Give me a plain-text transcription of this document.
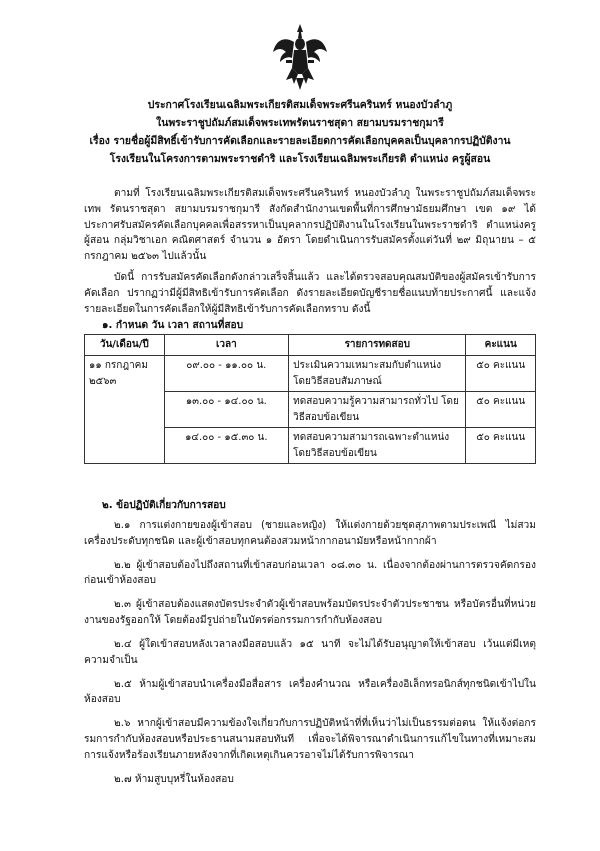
ประกาศโรงเรียนเฉลิมพระเกียรติสมเด็จพระศรีนครินทร์ หนองบัวลำภู
ในพระราชูปถัมภ์สมเด็จพระเทพรัตนราชสุดา สยามบรมราชกุมารี
เรื่อง รายชื่อผู้มีสิทธิ์เข้ารับการคัดเลือกและรายละเอียดการคัดเลือกบุคคลเป็นบุคลากรปฏิบัติงาน
โรงเรียนในโครงการตามพระราชดำริ และโรงเรียนเฉลิมพระเกียรติ ตำแหน่ง ครูผู้สอน
ตามที่ โรงเรียนเฉลิมพระเกียรติสมเด็จพระศรีนครินทร์ หนองบัวลำภู ในพระราชูปถัมภ์สมเด็จพระเทพ รัตนราชสุดา สยามบรมราชกุมารี สังกัดสำนักงานเขตพื้นที่การศึกษามัธยมศึกษา เขต ๑๙ ได้ประกาศรับสมัครคัดเลือกบุคคลเพื่อสรรหาเป็นบุคลากรปฏิบัติงานในโรงเรียนในพระราชดำริ ตำแหน่งครูผู้สอน กลุ่มวิชาเอก คณิตศาสตร์ จำนวน ๑ อัตรา โดยดำเนินการรับสมัครตั้งแต่วันที่ ๒๙ มิถุนายน – ๕ กรกฎาคม ๒๕๖๓ ไปแล้วนั้น
บัดนี้ การรับสมัครคัดเลือกดังกล่าวเสร็จสิ้นแล้ว และได้ตรวจสอบคุณสมบัติของผู้สมัครเข้ารับการคัดเลือก ปรากฏว่ามีผู้มีสิทธิเข้ารับการคัดเลือก ดังรายละเอียดบัญชีรายชื่อแนบท้ายประกาศนี้ และแจ้งรายละเอียดในการคัดเลือกให้ผู้มีสิทธิเข้ารับการคัดเลือกทราบ ดังนี้
๑. กำหนด วัน เวลา สถานที่สอบ
วัน/เดือน/ปี	เวลา	รายการทดสอบ	คะแนน
๑๑ กรกฎาคม ๒๕๖๓	๐๙.๐๐ - ๑๑.๐๐ น.	ประเมินความเหมาะสมกับตำแหน่ง โดยวิธีสอบสัมภาษณ์	๕๐ คะแนน
	๑๓.๐๐ - ๑๔.๐๐ น.	ทดสอบความรู้ความสามารถทั่วไป โดยวิธีสอบข้อเขียน	๕๐ คะแนน
	๑๔.๐๐ - ๑๕.๓๐ น.	ทดสอบความสามารถเฉพาะตำแหน่ง โดยวิธีสอบข้อเขียน	๕๐ คะแนน
๒. ข้อปฏิบัติเกี่ยวกับการสอบ

๒.๑ การแต่งกายของผู้เข้าสอบ (ชายและหญิง) ให้แต่งกายด้วยชุดสุภาพตามประเพณี ไม่สวมเครื่องประดับทุกชนิด และผู้เข้าสอบทุกคนต้องสวมหน้ากากอนามัยหรือหน้ากากผ้า

๒.๒ ผู้เข้าสอบต้องไปถึงสถานที่เข้าสอบก่อนเวลา ๐๘.๓๐ น. เนื่องจากต้องผ่านการตรวจคัดกรองก่อนเข้าห้องสอบ

๒.๓ ผู้เข้าสอบต้องแสดงบัตรประจำตัวผู้เข้าสอบพร้อมบัตรประจำตัวประชาชน หรือบัตรอื่นที่หน่วยงานของรัฐออกให้ โดยต้องมีรูปถ่ายในบัตรต่อกรรมการกำกับห้องสอบ

๒.๔ ผู้ใดเข้าสอบหลังเวลาลงมือสอบแล้ว ๑๕ นาที จะไม่ได้รับอนุญาตให้เข้าสอบ เว้นแต่มีเหตุความจำเป็น

๒.๕ ห้ามผู้เข้าสอบนำเครื่องมือสื่อสาร เครื่องคำนวณ หรือเครื่องอิเล็กทรอนิกส์ทุกชนิดเข้าไปในห้องสอบ

๒.๖ หากผู้เข้าสอบมีความข้องใจเกี่ยวกับการปฏิบัติหน้าที่ที่เห็นว่าไม่เป็นธรรมต่อตน ให้แจ้งต่อกรรมการกำกับห้องสอบหรือประธานสนามสอบทันที เพื่อจะได้พิจารณาดำเนินการแก้ไขในทางที่เหมาะสม การแจ้งหรือร้องเรียนภายหลังจากที่เกิดเหตุเกินควรอาจไม่ได้รับการพิจารณา

๒.๗ ห้ามสูบบุหรี่ในห้องสอบ
